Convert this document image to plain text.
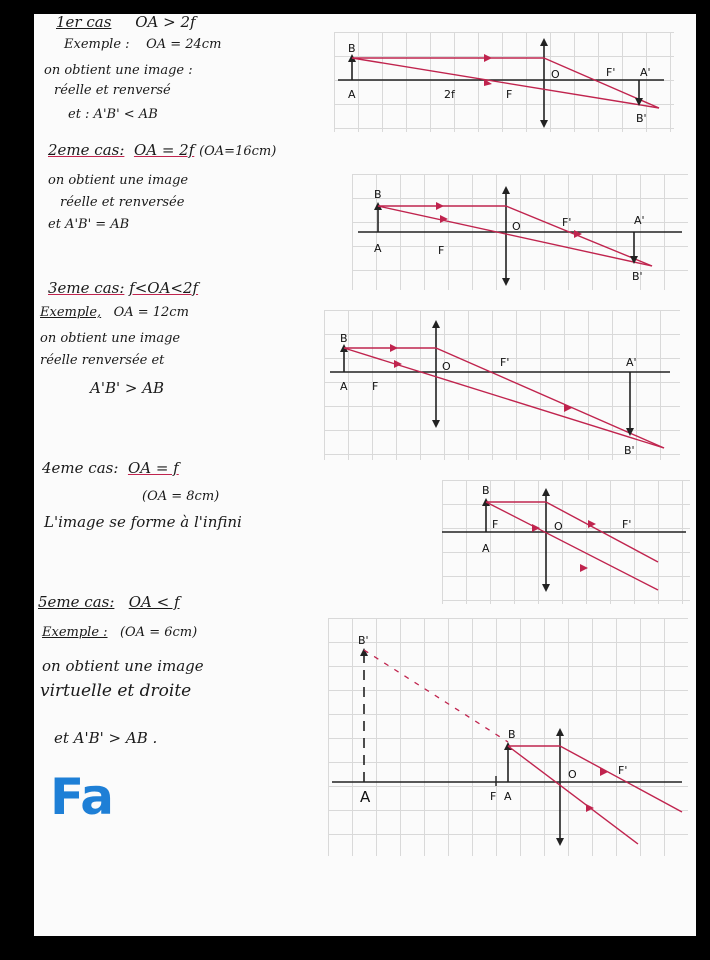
1er cas OA > 2f
Exemple : OA = 24cm
on obtient une image :
réelle et renversé
et : A'B' < AB
B
A	2f	F
O	F' A'
B'
2eme cas: OA = 2f (OA=16cm)
on obtient une image
réelle et renversée
et A'B' = AB
B
A	F
O	F'	A'
B'
3eme cas: f<OA<2f
Exemple, OA = 12cm
on obtient une image
réelle renversée et
A'B' > AB
B
A F
O	F'	A'
B'
4eme cas: OA = f
(OA = 8cm)
L'image se forme à l'infini
B
A
F	O	F'
5eme cas: OA < f
Exemple : (OA = 6cm)
on obtient une image
virtuelle et droite
et A'B' > AB .
B'
A
B
F A
O	F'
Fa
